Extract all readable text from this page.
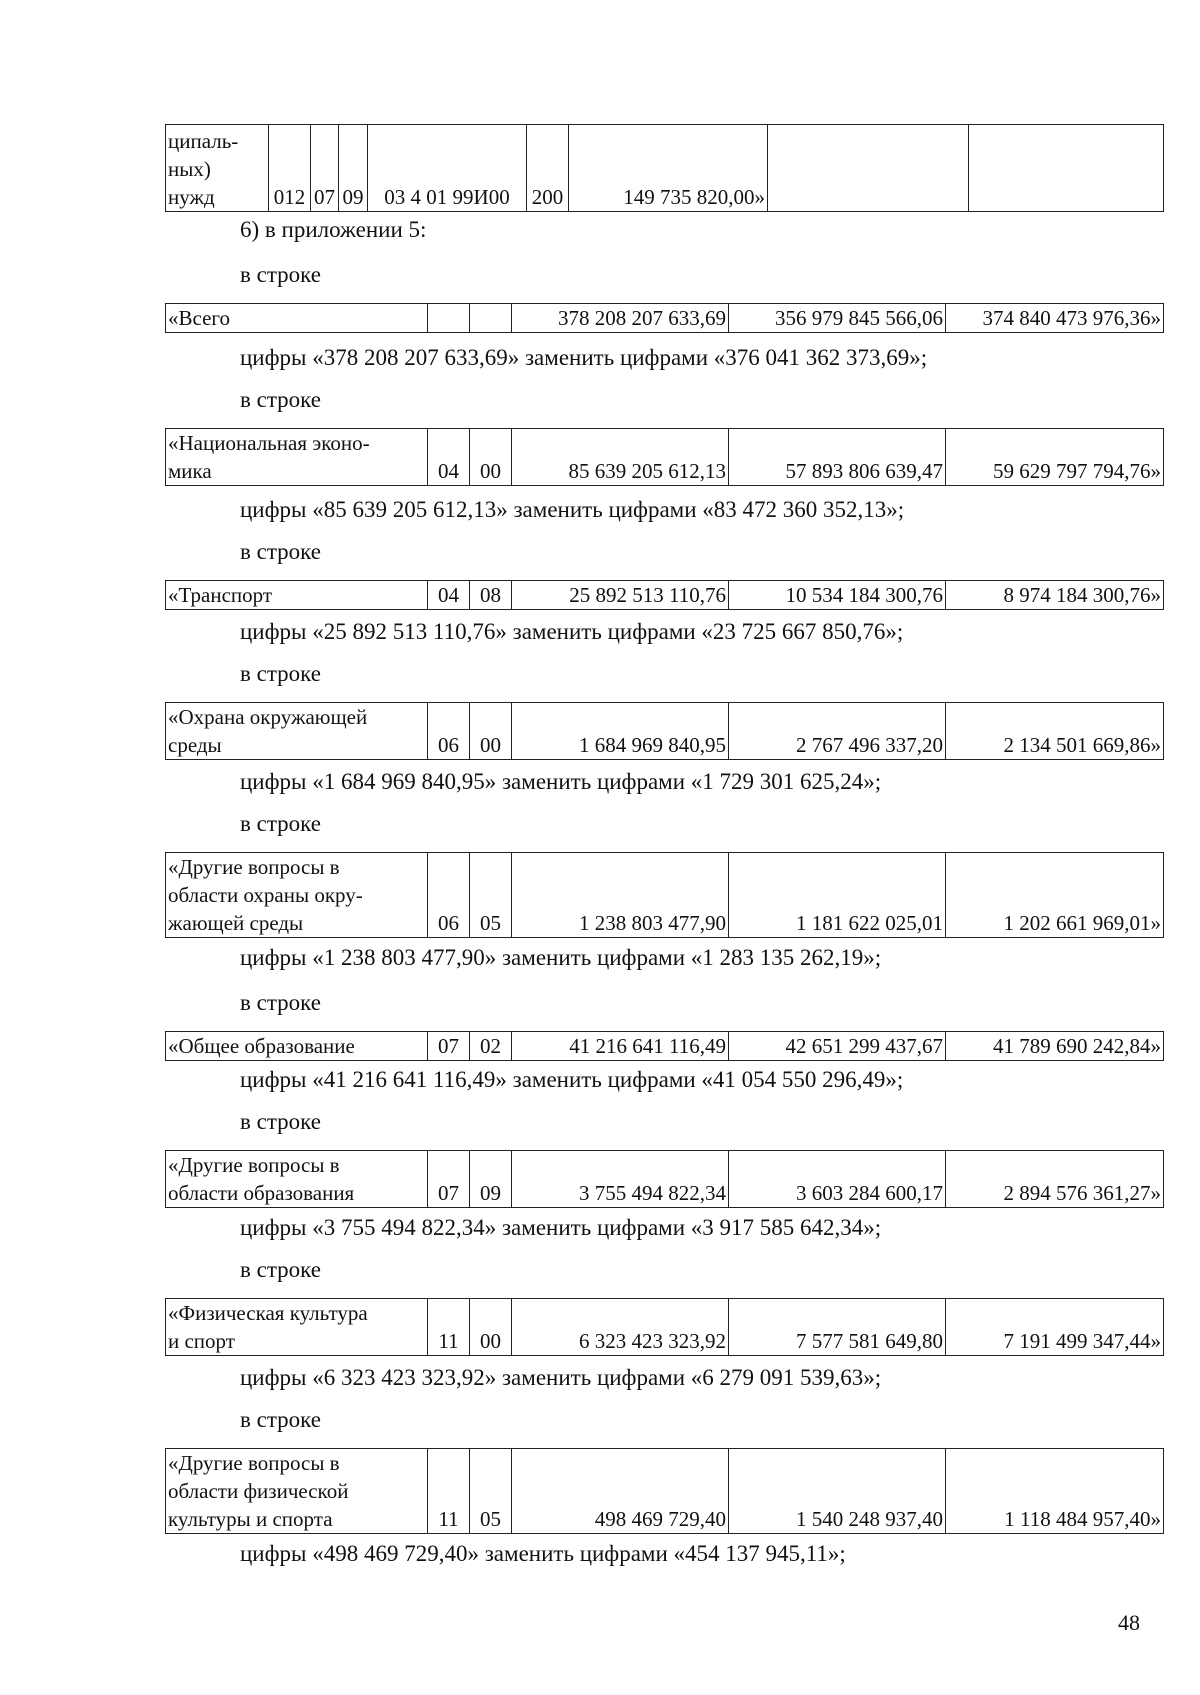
ципаль-
ных)
нужд	012	07	09	03 4 01 99И00	200	149 735 820,00»		
6) в приложении 5:
в строке
«Всего			378 208 207 633,69	356 979 845 566,06	374 840 473 976,36»
цифры «378 208 207 633,69» заменить цифрами «376 041 362 373,69»;
в строке
«Национальная эконо-
мика	04	00	85 639 205 612,13	57 893 806 639,47	59 629 797 794,76»
цифры «85 639 205 612,13» заменить цифрами «83 472 360 352,13»;
в строке
«Транспорт	04	08	25 892 513 110,76	10 534 184 300,76	8 974 184 300,76»
цифры «25 892 513 110,76» заменить цифрами «23 725 667 850,76»;
в строке
«Охрана окружающей
среды	06	00	1 684 969 840,95	2 767 496 337,20	2 134 501 669,86»
цифры «1 684 969 840,95» заменить цифрами «1 729 301 625,24»;
в строке
«Другие вопросы в
области охраны окру-
жающей среды	06	05	1 238 803 477,90	1 181 622 025,01	1 202 661 969,01»
цифры «1 238 803 477,90» заменить цифрами «1 283 135 262,19»;
в строке
«Общее образование	07	02	41 216 641 116,49	42 651 299 437,67	41 789 690 242,84»
цифры «41 216 641 116,49» заменить цифрами «41 054 550 296,49»;
в строке
«Другие вопросы в
области образования	07	09	3 755 494 822,34	3 603 284 600,17	2 894 576 361,27»
цифры «3 755 494 822,34» заменить цифрами «3 917 585 642,34»;
в строке
«Физическая культура
и спорт	11	00	6 323 423 323,92	7 577 581 649,80	7 191 499 347,44»
цифры «6 323 423 323,92» заменить цифрами «6 279 091 539,63»;
в строке
«Другие вопросы в
области физической
культуры и спорта	11	05	498 469 729,40	1 540 248 937,40	1 118 484 957,40»
цифры «498 469 729,40» заменить цифрами «454 137 945,11»;
48
